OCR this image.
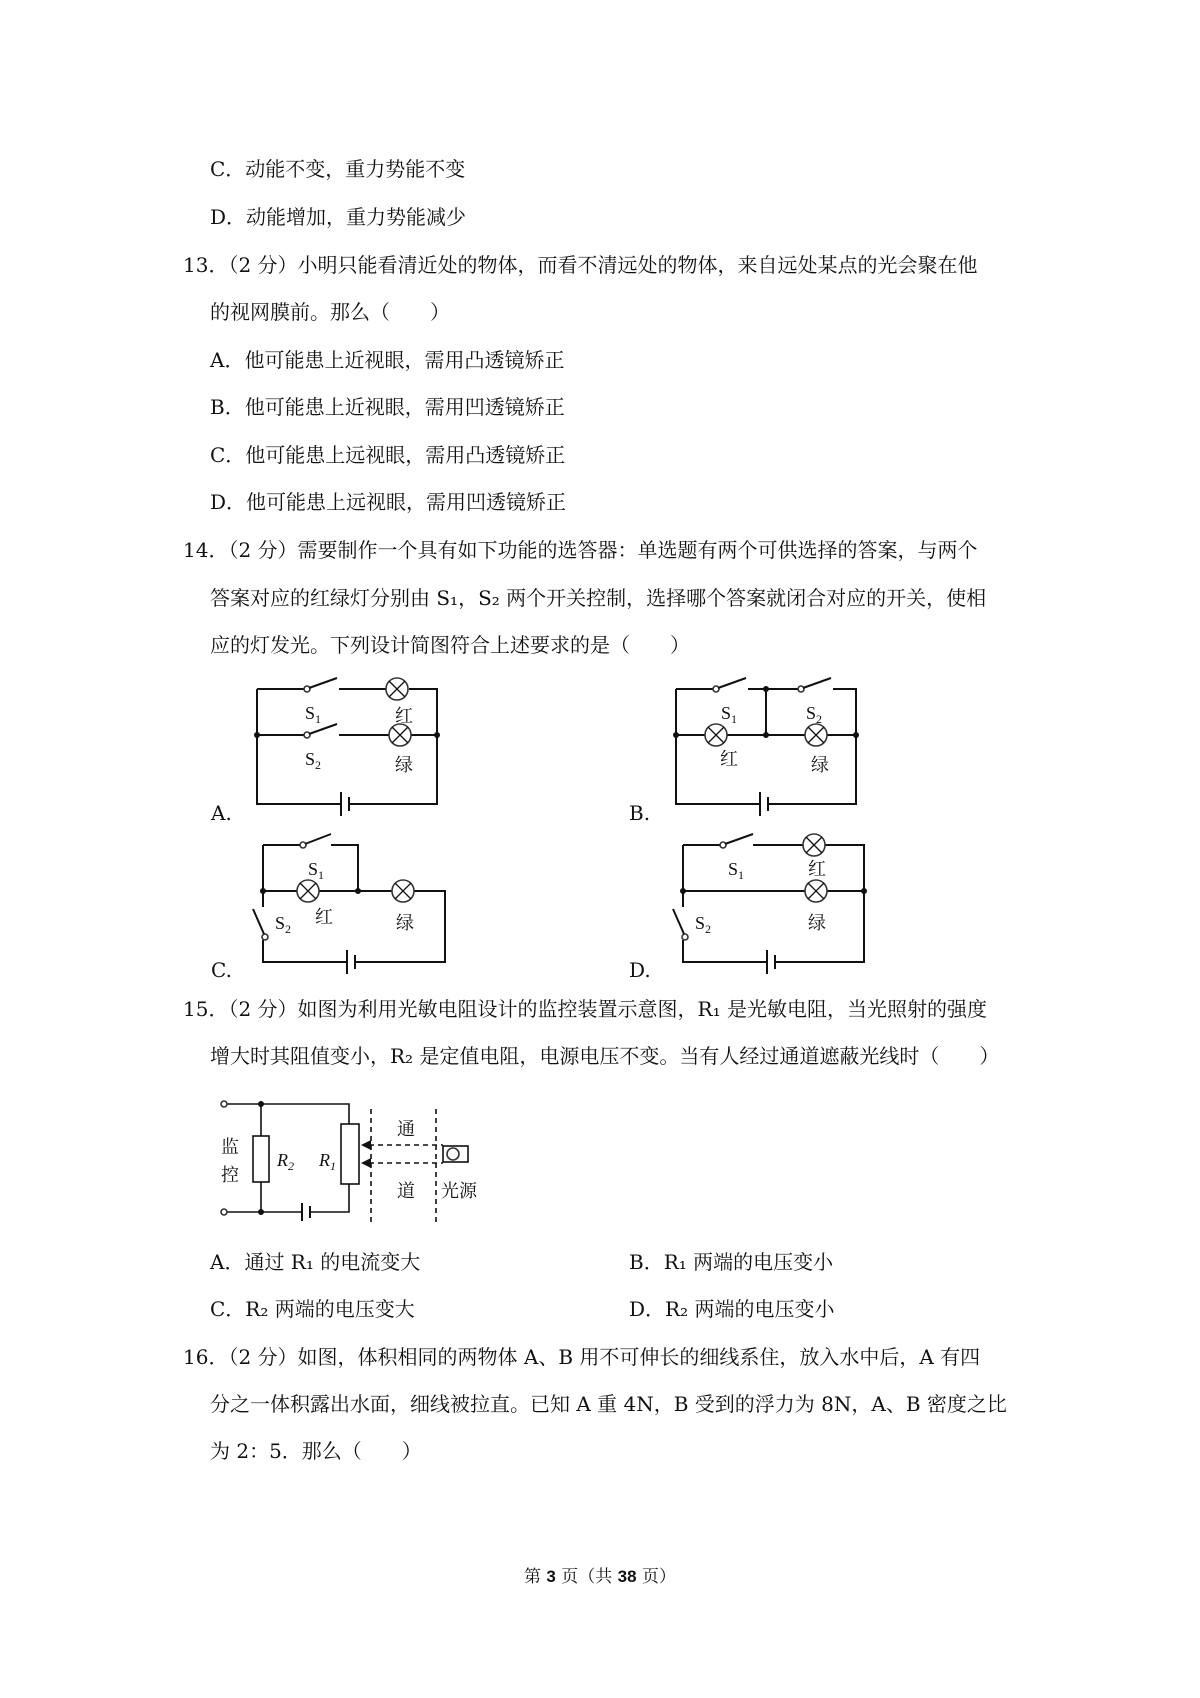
C．动能不变，重力势能不变
D．动能增加，重力势能减少
13．（2 分）小明只能看清近处的物体，而看不清远处的物体，来自远处某点的光会聚在他
的视网膜前。那么（　　）
A．他可能患上近视眼，需用凸透镜矫正
B．他可能患上近视眼，需用凹透镜矫正
C．他可能患上远视眼，需用凸透镜矫正
D．他可能患上远视眼，需用凹透镜矫正
14．（2 分）需要制作一个具有如下功能的选答器：单选题有两个可供选择的答案，与两个
答案对应的红绿灯分别由 S₁，S₂ 两个开关控制，选择哪个答案就闭合对应的开关，使相
应的灯发光。下列设计简图符合上述要求的是（　　）
A.
$S_1$	红
$S_2$	绿
B.
$S_1$	$S_2$
红	绿
C.
$S_1$
$S_2$
红	绿
D.
$S_1$
$S_2$
红
绿
15．（2 分）如图为利用光敏电阻设计的监控装置示意图，R₁ 是光敏电阻，当光照射的强度
增大时其阻值变小，R₂ 是定值电阻，电源电压不变。当有人经过通道遮蔽光线时（　　）
监
控
$R_2$ $R_1$
通
道 光源
A．通过 R₁ 的电流变大	B．R₁ 两端的电压变小
C．R₂ 两端的电压变大	D．R₂ 两端的电压变小
16．（2 分）如图，体积相同的两物体 A、B 用不可伸长的细线系住，放入水中后，A 有四
分之一体积露出水面，细线被拉直。已知 A 重 4N，B 受到的浮力为 8N，A、B 密度之比
为 2：5．那么（　　）
第 3 页（共 38 页）
